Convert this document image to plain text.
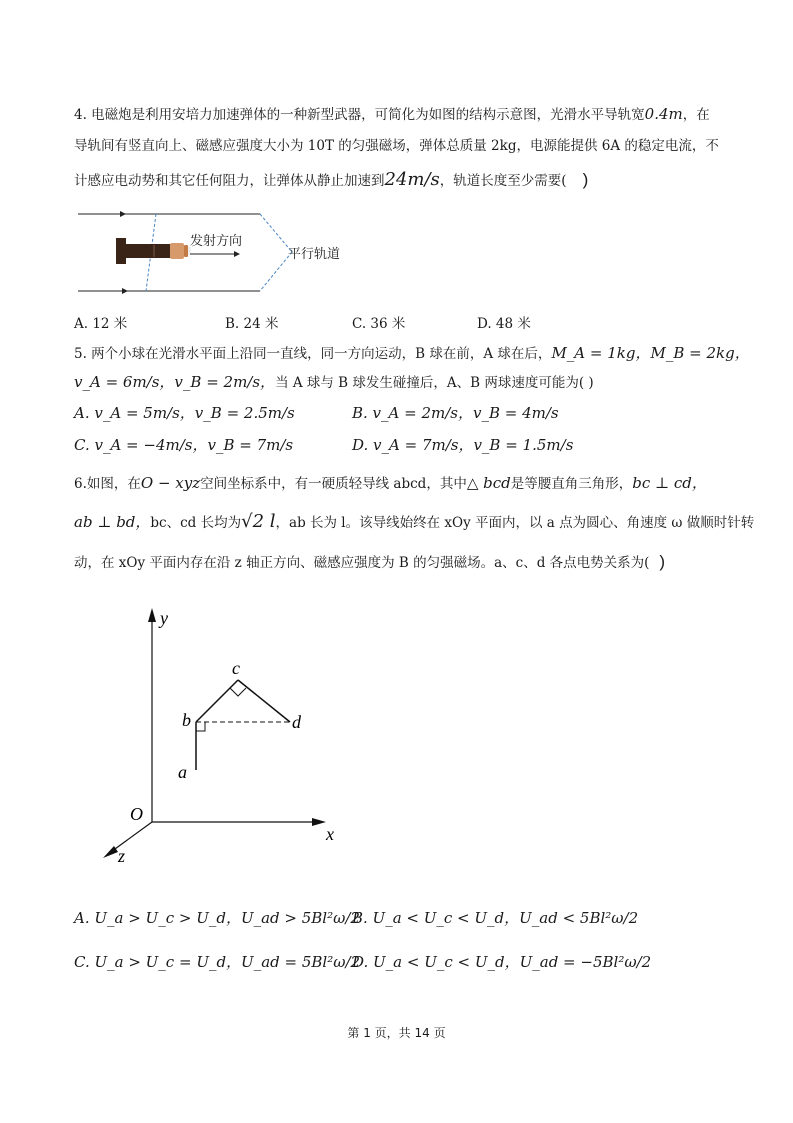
4. 电磁炮是利用安培力加速弹体的一种新型武器，可简化为如图的结构示意图，光滑水平导轨宽0.4m，在
导轨间有竖直向上、磁感应强度大小为 10T 的匀强磁场，弹体总质量 2kg，电源能提供 6A 的稳定电流，不
计感应电动势和其它任何阻力，让弹体从静止加速到24m/s，轨道长度至少需要( )
发射方向
平行轨道
A. 12 米	B. 24 米	C. 36 米	D. 48 米
5. 两个小球在光滑水平面上沿同一直线，同一方向运动，B 球在前，A 球在后，M_A = 1kg，M_B = 2kg，
v_A = 6m/s，v_B = 2m/s，当 A 球与 B 球发生碰撞后，A、B 两球速度可能为( )
A. v_A = 5m/s，v_B = 2.5m/s	B. v_A = 2m/s，v_B = 4m/s
C. v_A = −4m/s，v_B = 7m/s	D. v_A = 7m/s，v_B = 1.5m/s
6.如图，在O − xyz空间坐标系中，有一硬质轻导线 abcd，其中△ bcd是等腰直角三角形，bc ⊥ cd，
ab ⊥ bd，bc、cd 长均为√2 l，ab 长为 l。该导线始终在 xOy 平面内，以 a 点为圆心、角速度 ω 做顺时针转
动，在 xOy 平面内存在沿 z 轴正方向、磁感应强度为 B 的匀强磁场。a、c、d 各点电势关系为( )
y
x
z
O
a
b
c
d
A. U_a > U_c > U_d，U_ad > 5Bl²ω/2
B. U_a < U_c < U_d，U_ad < 5Bl²ω/2
C. U_a > U_c = U_d，U_ad = 5Bl²ω/2
D. U_a < U_c < U_d，U_ad = −5Bl²ω/2
第 1 页，共 14 页
